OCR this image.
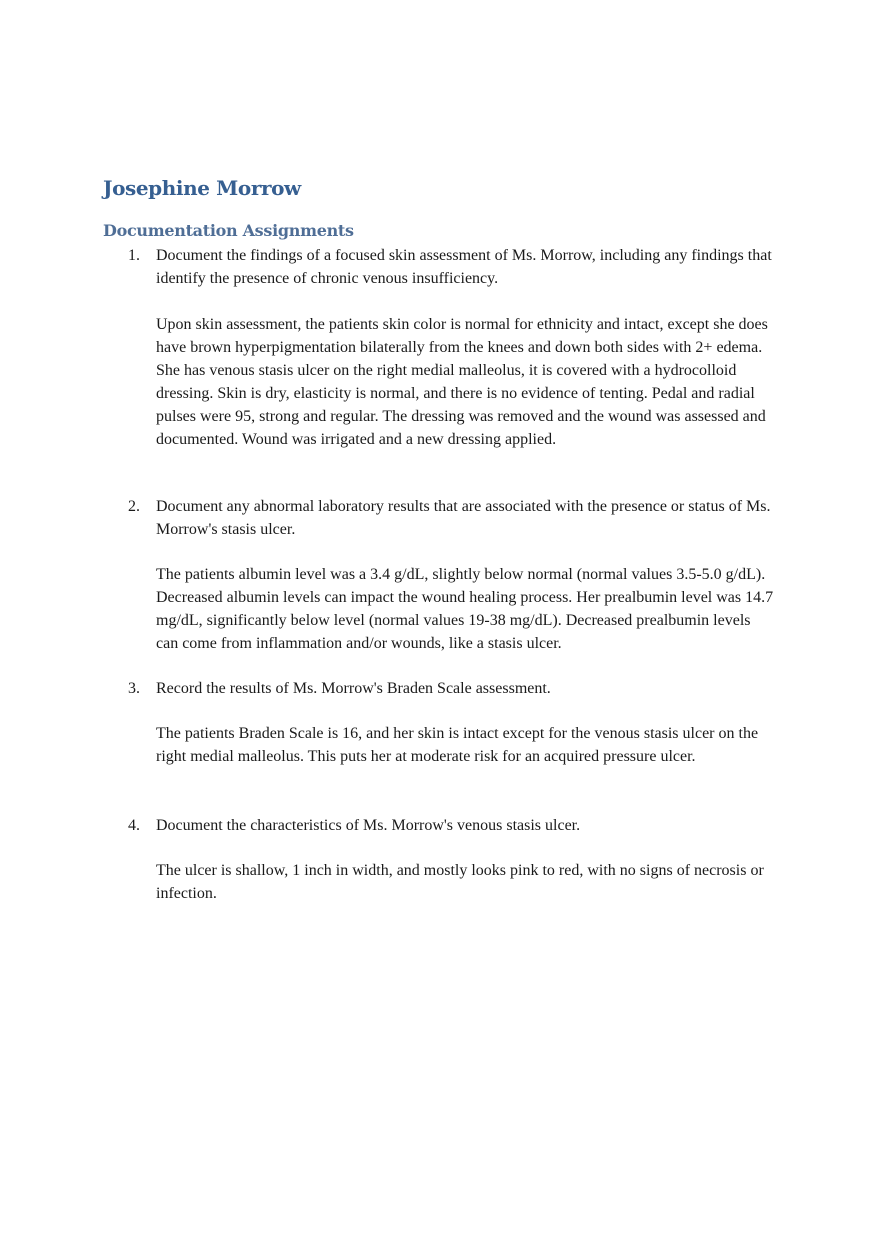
Josephine Morrow
Documentation Assignments
1.	Document the findings of a focused skin assessment of Ms. Morrow, including any findings that identify the presence of chronic venous insufficiency.

Upon skin assessment, the patients skin color is normal for ethnicity and intact, except she does have brown hyperpigmentation bilaterally from the knees and down both sides with 2+ edema. She has venous stasis ulcer on the right medial malleolus, it is covered with a hydrocolloid dressing. Skin is dry, elasticity is normal, and there is no evidence of tenting. Pedal and radial pulses were 95, strong and regular. The dressing was removed and the wound was assessed and documented. Wound was irrigated and a new dressing applied.

2.	Document any abnormal laboratory results that are associated with the presence or status of Ms. Morrow's stasis ulcer.

The patients albumin level was a 3.4 g/dL, slightly below normal (normal values 3.5-5.0 g/dL). Decreased albumin levels can impact the wound healing process. Her prealbumin level was 14.7 mg/dL, significantly below level (normal values 19-38 mg/dL). Decreased prealbumin levels can come from inflammation and/or wounds, like a stasis ulcer.

3.	Record the results of Ms. Morrow's Braden Scale assessment.

The patients Braden Scale is 16, and her skin is intact except for the venous stasis ulcer on the right medial malleolus. This puts her at moderate risk for an acquired pressure ulcer.

4.	Document the characteristics of Ms. Morrow's venous stasis ulcer.

The ulcer is shallow, 1 inch in width, and mostly looks pink to red, with no signs of necrosis or infection.
